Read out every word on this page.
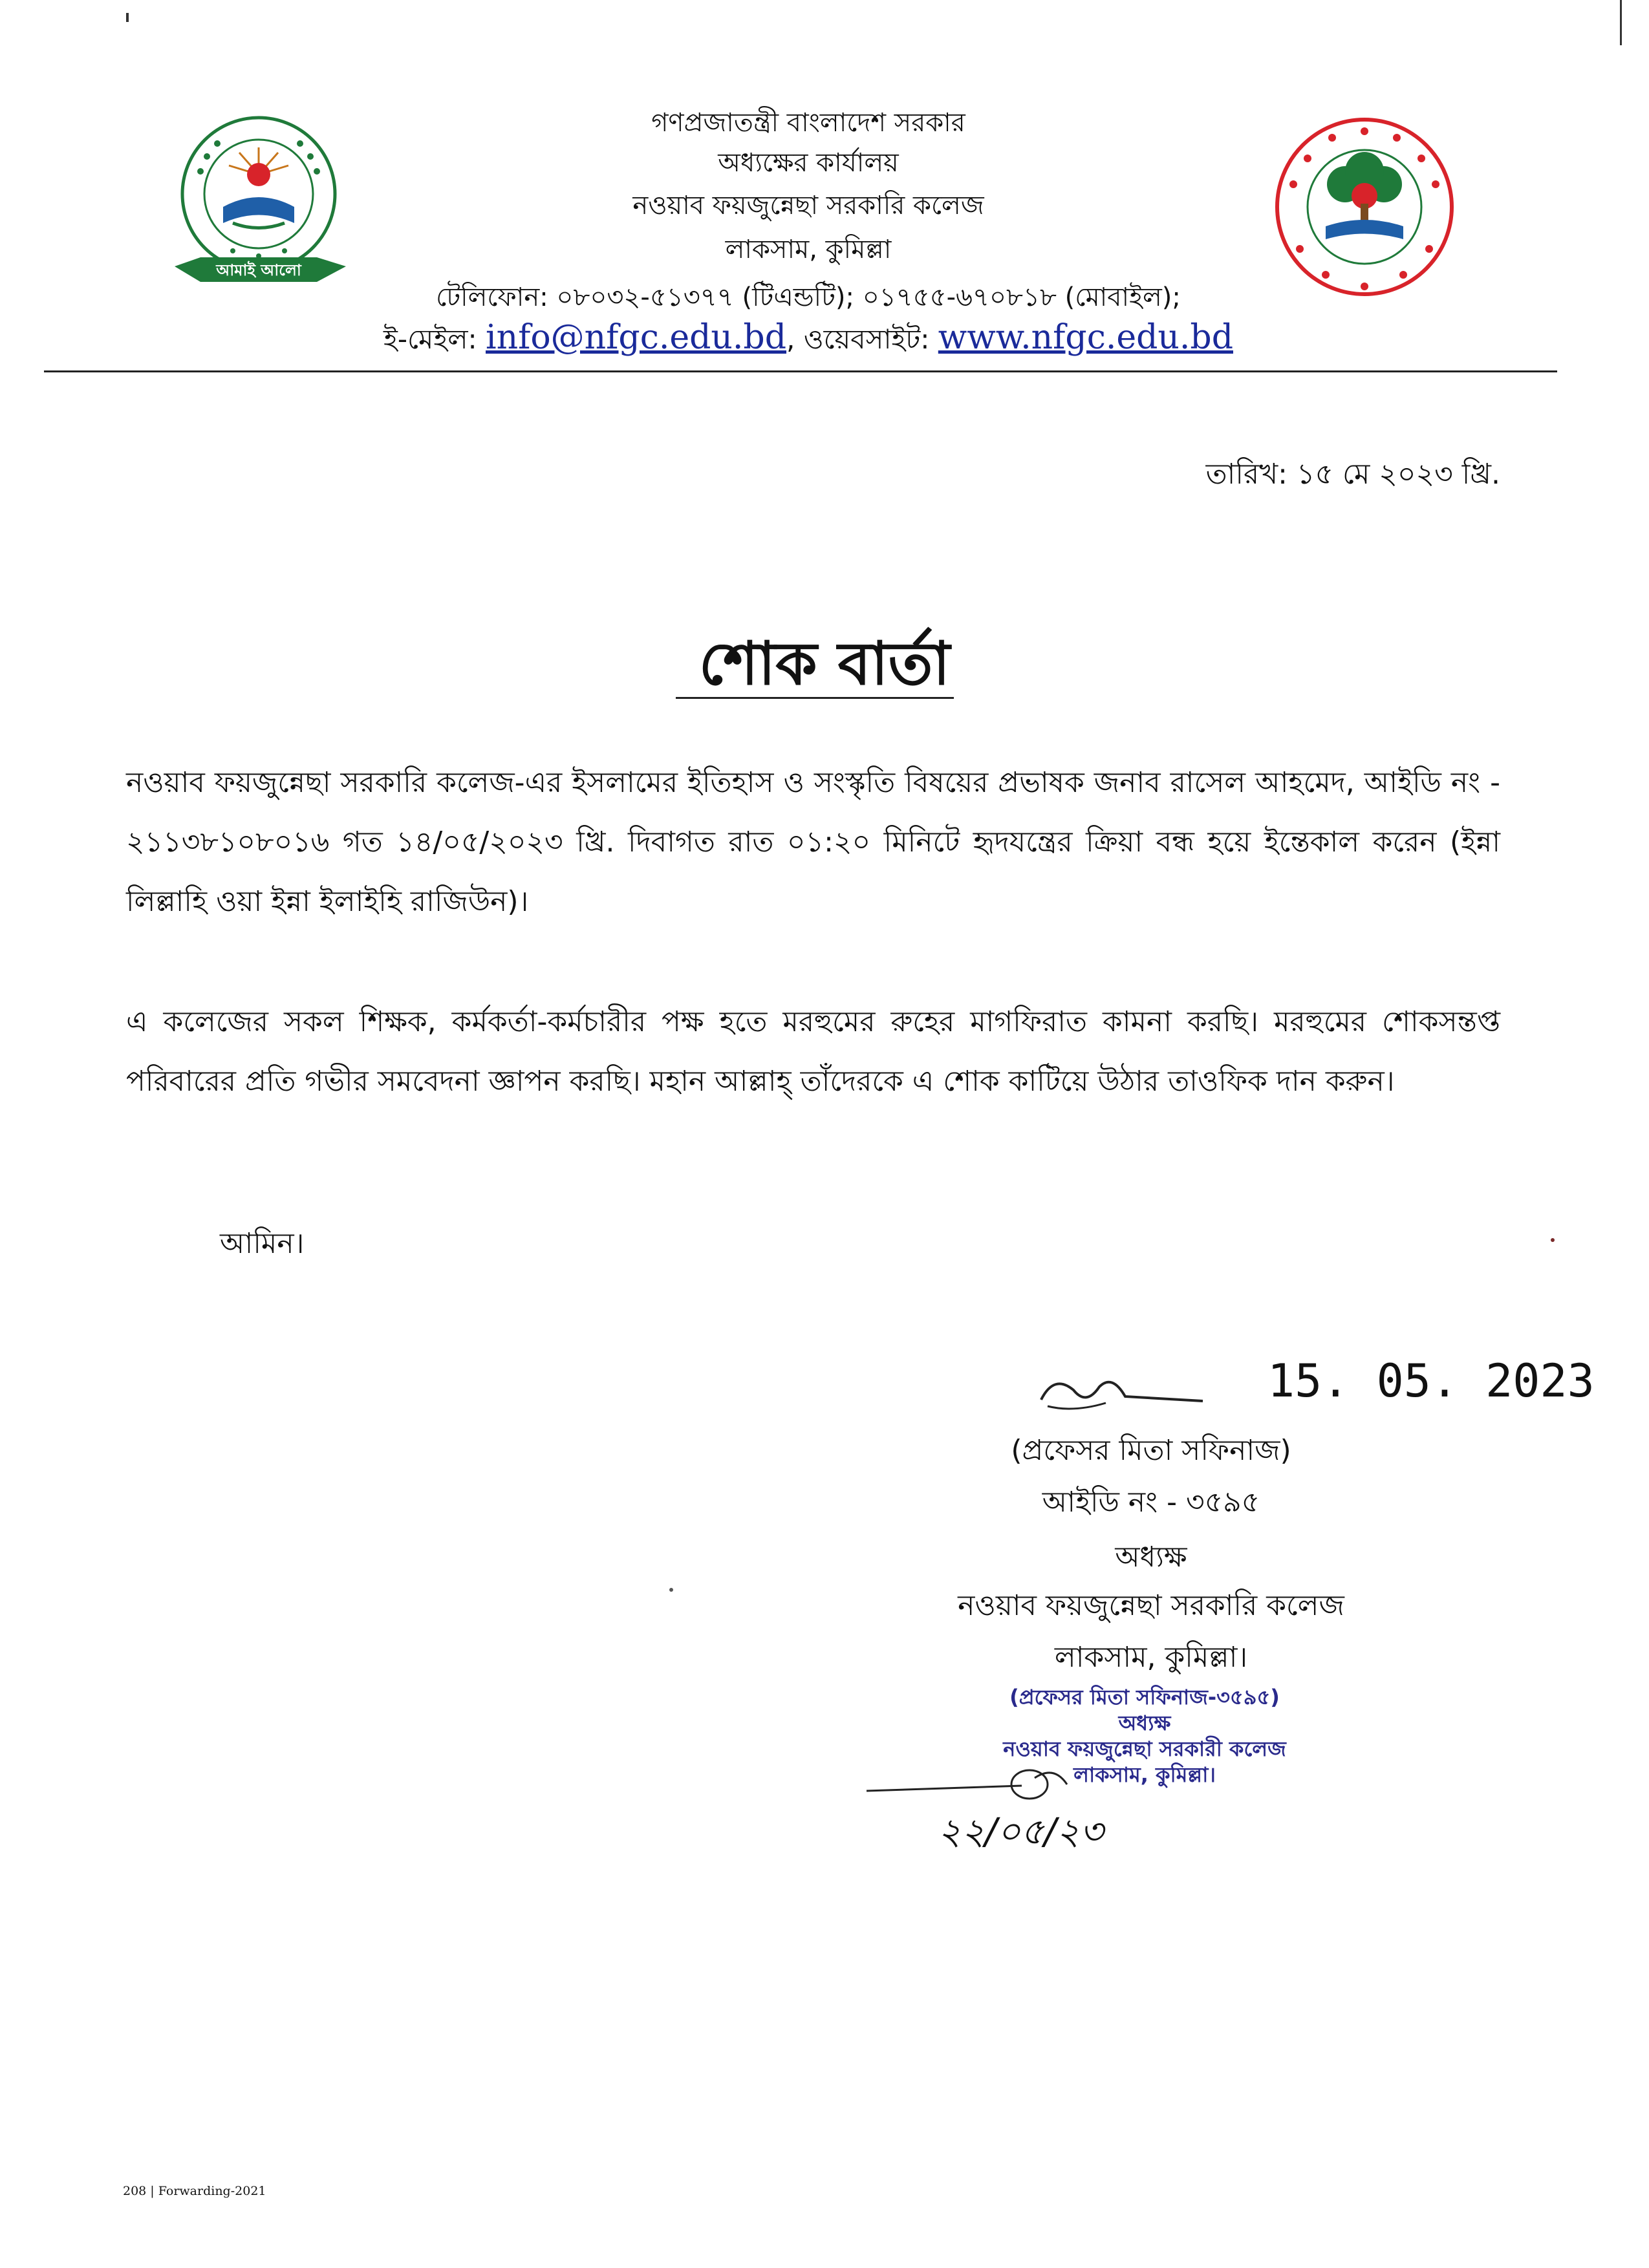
আমাই আলো
গণপ্রজাতন্ত্রী বাংলাদেশ সরকার
অধ্যক্ষের কার্যালয়
নওয়াব ফয়জুন্নেছা সরকারি কলেজ
লাকসাম, কুমিল্লা
টেলিফোন: ০৮০৩২-৫১৩৭৭ (টিএন্ডটি); ০১৭৫৫-৬৭০৮১৮ (মোবাইল);
ই-মেইল: info@nfgc.edu.bd, ওয়েবসাইট: www.nfgc.edu.bd
তারিখ: ১৫ মে ২০২৩ খ্রি.
শোক বার্তা
নওয়াব ফয়জুন্নেছা সরকারি কলেজ-এর ইসলামের ইতিহাস ও সংস্কৃতি বিষয়ের প্রভাষক জনাব রাসেল আহমেদ, আইডি নং - ২১১৩৮১০৮০১৬ গত ১৪/০৫/২০২৩ খ্রি. দিবাগত রাত ০১:২০ মিনিটে হৃদযন্ত্রের ক্রিয়া বন্ধ হয়ে ইন্তেকাল করেন (ইন্না লিল্লাহি ওয়া ইন্না ইলাইহি রাজিউন)।
এ কলেজের সকল শিক্ষক, কর্মকর্তা-কর্মচারীর পক্ষ হতে মরহুমের রুহের মাগফিরাত কামনা করছি। মরহুমের শোকসন্তপ্ত পরিবারের প্রতি গভীর সমবেদনা জ্ঞাপন করছি। মহান আল্লাহ্ তাঁদেরকে এ শোক কাটিয়ে উঠার তাওফিক দান করুন।
আমিন।
15. 05. 2023
(প্রফেসর মিতা সফিনাজ)
আইডি নং - ৩৫৯৫
অধ্যক্ষ
নওয়াব ফয়জুন্নেছা সরকারি কলেজ
লাকসাম, কুমিল্লা।
(প্রফেসর মিতা সফিনাজ-৩৫৯৫)
অধ্যক্ষ
নওয়াব ফয়জুন্নেছা সরকারী কলেজ
লাকসাম, কুমিল্লা।
২২/০৫/২৩
208 | Forwarding-2021
